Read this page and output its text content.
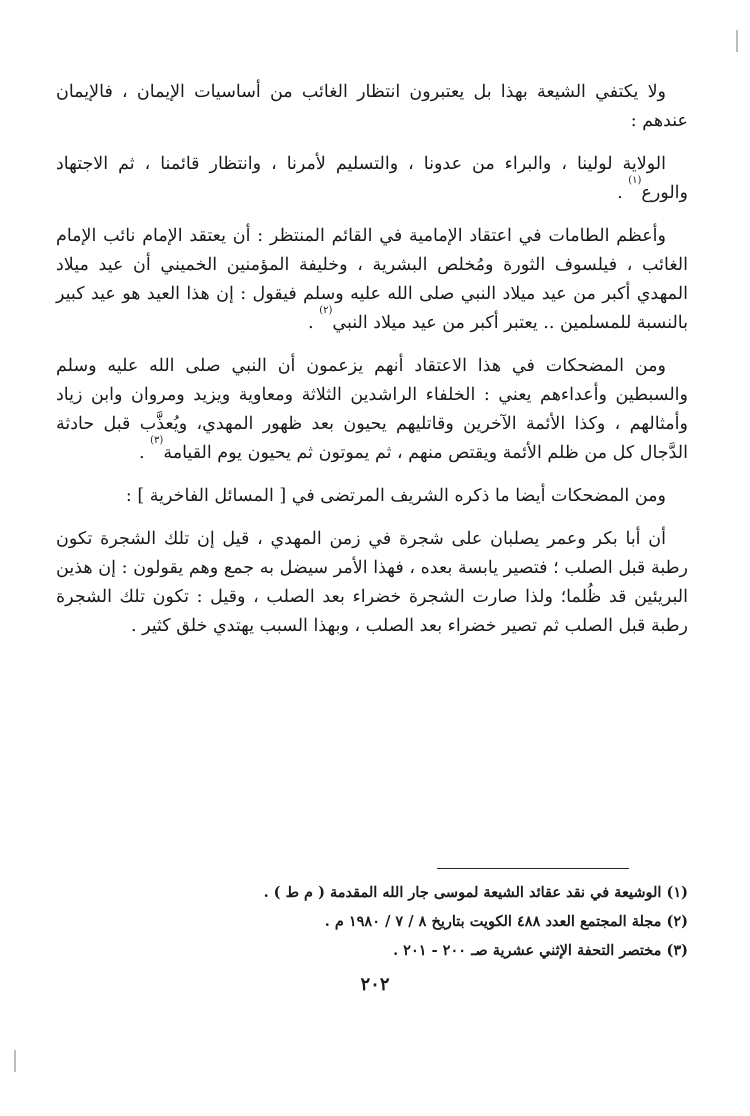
ولا يكتفي الشيعة بهذا بل يعتبرون انتظار الغائب من أساسيات الإيمان ، فالإيمان عندهم :

الولاية لولينا ، والبراء من عدونا ، والتسليم لأمرنا ، وانتظار قائمنا ، ثم الاجتهاد والورع$^{(١)}$ .

وأعظم الطامات في اعتقاد الإمامية في القائم المنتظر : أن يعتقد الإمام نائب الإمام الغائب ، فيلسوف الثورة ومُخلص البشرية ، وخليفة المؤمنين الخميني أن عيد ميلاد المهدي أكبر من عيد ميلاد النبي صلى الله عليه وسلم فيقول : إن هذا العيد هو عيد كبير بالنسبة للمسلمين .. يعتبر أكبر من عيد ميلاد النبي$^{(٢)}$ .

ومن المضحكات في هذا الاعتقاد أنهم يزعمون أن النبي صلى الله عليه وسلم والسبطين وأعداءهم يعني : الخلفاء الراشدين الثلاثة ومعاوية ويزيد ومروان وابن زياد وأمثالهم ، وكذا الأئمة الآخرين وقاتليهم يحيون بعد ظهور المهدي، ويُعذَّب قبل حادثة الدَّجال كل من ظلم الأئمة ويقتص منهم ، ثم يموتون ثم يحيون يوم القيامة$^{(٣)}$ .

ومن المضحكات أيضا ما ذكره الشريف المرتضى في [ المسائل الفاخرية ] :

أن أبا بكر وعمر يصلبان على شجرة في زمن المهدي ، قيل إن تلك الشجرة تكون رطبة قبل الصلب ؛ فتصير يابسة بعده ، فهذا الأمر سيضل به جمع وهم يقولون : إن هذين البريئين قد ظُلما؛ ولذا صارت الشجرة خضراء بعد الصلب ، وقيل : تكون تلك الشجرة رطبة قبل الصلب ثم تصير خضراء بعد الصلب ، وبهذا السبب يهتدي خلق كثير .

(١) الوشيعة في نقد عقائد الشيعة لموسى جار الله المقدمة ( م ط ) .

(٢) مجلة المجتمع العدد ٤٨٨ الكويت بتاريخ ٨ / ٧ / ١٩٨٠ م .

(٣) مختصر التحفة الإثني عشرية صـ ٢٠٠ - ٢٠١ .

٢٠٢
